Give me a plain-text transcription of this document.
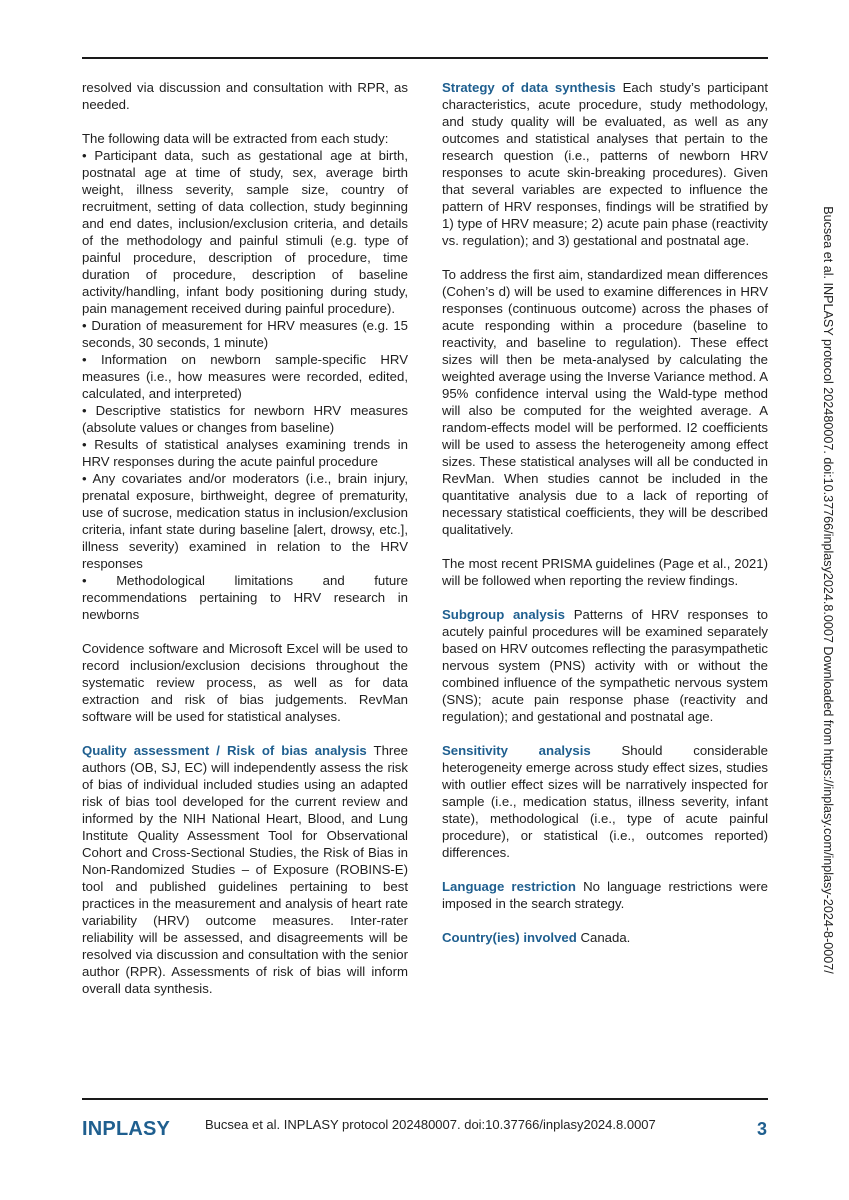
resolved via discussion and consultation with RPR, as needed.

The following data will be extracted from each study:

• Participant data, such as gestational age at birth, postnatal age at time of study, sex, average birth weight, illness severity, sample size, country of recruitment, setting of data collection, study beginning and end dates, inclusion/exclusion criteria, and details of the methodology and painful stimuli (e.g. type of painful procedure, description of procedure, time duration of procedure, description of baseline activity/handling, infant body positioning during study, pain management received during painful procedure).
• Duration of measurement for HRV measures (e.g. 15 seconds, 30 seconds, 1 minute)
• Information on newborn sample-specific HRV measures (i.e., how measures were recorded, edited, calculated, and interpreted)
• Descriptive statistics for newborn HRV measures (absolute values or changes from baseline)
• Results of statistical analyses examining trends in HRV responses during the acute painful procedure
• Any covariates and/or moderators (i.e., brain injury, prenatal exposure, birthweight, degree of prematurity, use of sucrose, medication status in inclusion/exclusion criteria, infant state during baseline [alert, drowsy, etc.], illness severity) examined in relation to the HRV responses
• Methodological limitations and future recommendations pertaining to HRV research in newborns

Covidence software and Microsoft Excel will be used to record inclusion/exclusion decisions throughout the systematic review process, as well as for data extraction and risk of bias judgements. RevMan software will be used for statistical analyses.

Quality assessment / Risk of bias analysis Three authors (OB, SJ, EC) will independently assess the risk of bias of individual included studies using an adapted risk of bias tool developed for the current review and informed by the NIH National Heart, Blood, and Lung Institute Quality Assessment Tool for Observational Cohort and Cross-Sectional Studies, the Risk of Bias in Non-Randomized Studies – of Exposure (ROBINS-E) tool and published guidelines pertaining to best practices in the measurement and analysis of heart rate variability (HRV) outcome measures. Inter-rater reliability will be assessed, and disagreements will be resolved via discussion and consultation with the senior author (RPR). Assessments of risk of bias will inform overall data synthesis.

Strategy of data synthesis Each study’s participant characteristics, acute procedure, study methodology, and study quality will be evaluated, as well as any outcomes and statistical analyses that pertain to the research question (i.e., patterns of newborn HRV responses to acute skin-breaking procedures). Given that several variables are expected to influence the pattern of HRV responses, findings will be stratified by 1) type of HRV measure; 2) acute pain phase (reactivity vs. regulation); and 3) gestational and postnatal age.

To address the first aim, standardized mean differences (Cohen’s d) will be used to examine differences in HRV responses (continuous outcome) across the phases of acute responding within a procedure (baseline to reactivity, and baseline to regulation). These effect sizes will then be meta-analysed by calculating the weighted average using the Inverse Variance method. A 95% confidence interval using the Wald-type method will also be computed for the weighted average. A random-effects model will be performed. I2 coefficients will be used to assess the heterogeneity among effect sizes. These statistical analyses will all be conducted in RevMan. When studies cannot be included in the quantitative analysis due to a lack of reporting of necessary statistical coefficients, they will be described qualitatively.

The most recent PRISMA guidelines (Page et al., 2021) will be followed when reporting the review findings.

Subgroup analysis Patterns of HRV responses to acutely painful procedures will be examined separately based on HRV outcomes reflecting the parasympathetic nervous system (PNS) activity with or without the combined influence of the sympathetic nervous system (SNS); acute pain response phase (reactivity and regulation); and gestational and postnatal age.

Sensitivity analysis Should considerable heterogeneity emerge across study effect sizes, studies with outlier effect sizes will be narratively inspected for sample (i.e., medication status, illness severity, infant state), methodological (i.e., type of acute painful procedure), or statistical (i.e., outcomes reported) differences.

Language restriction No language restrictions were imposed in the search strategy.

Country(ies) involved Canada.	Bucsea et al. INPLASY protocol 202480007. doi:10.37766/inplasy2024.8.0007 Downloaded from https://inplasy.com/inplasy-2024-8-0007/
INPLASY	Bucsea et al. INPLASY protocol 202480007. doi:10.37766/inplasy2024.8.0007	3
